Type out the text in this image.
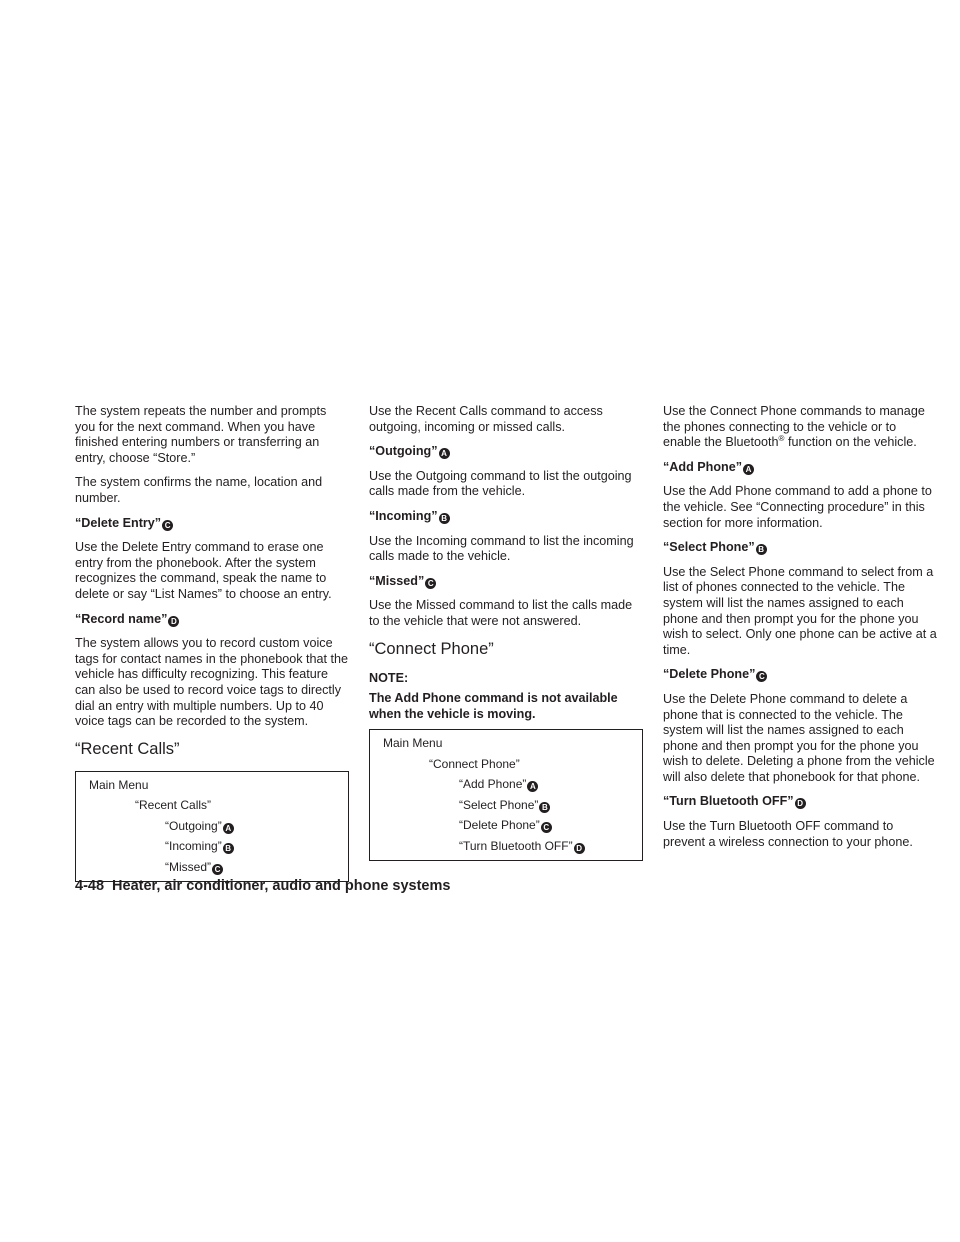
The system repeats the number and prompts you for the next command. When you have finished entering numbers or transferring an entry, choose “Store.”

The system confirms the name, location and number.

“Delete Entry” C

Use the Delete Entry command to erase one entry from the phonebook. After the system recognizes the command, speak the name to delete or say “List Names” to choose an entry.

“Record name” D

The system allows you to record custom voice tags for contact names in the phonebook that the vehicle has difficulty recognizing. This feature can also be used to record voice tags to directly dial an entry with multiple numbers. Up to 40 voice tags can be recorded to the system.

“Recent Calls”
Main Menu
“Recent Calls”
“Outgoing” A
“Incoming” B
“Missed” C

Use the Recent Calls command to access outgoing, incoming or missed calls.

“Outgoing” A

Use the Outgoing command to list the outgoing calls made from the vehicle.

“Incoming” B

Use the Incoming command to list the incoming calls made to the vehicle.

“Missed” C

Use the Missed command to list the calls made to the vehicle that were not answered.

“Connect Phone”
NOTE:
The Add Phone command is not available when the vehicle is moving.
Main Menu
“Connect Phone”
“Add Phone” A
“Select Phone” B
“Delete Phone” C
“Turn Bluetooth OFF” D

Use the Connect Phone commands to manage the phones connecting to the vehicle or to enable the Bluetooth® function on the vehicle.

“Add Phone” A

Use the Add Phone command to add a phone to the vehicle. See “Connecting procedure” in this section for more information.

“Select Phone” B

Use the Select Phone command to select from a list of phones connected to the vehicle. The system will list the names assigned to each phone and then prompt you for the phone you wish to select. Only one phone can be active at a time.

“Delete Phone” C

Use the Delete Phone command to delete a phone that is connected to the vehicle. The system will list the names assigned to each phone and then prompt you for the phone you wish to delete. Deleting a phone from the vehicle will also delete that phonebook for that phone.

“Turn Bluetooth OFF” D

Use the Turn Bluetooth OFF command to prevent a wireless connection to your phone.

4-48 Heater, air conditioner, audio and phone systems
